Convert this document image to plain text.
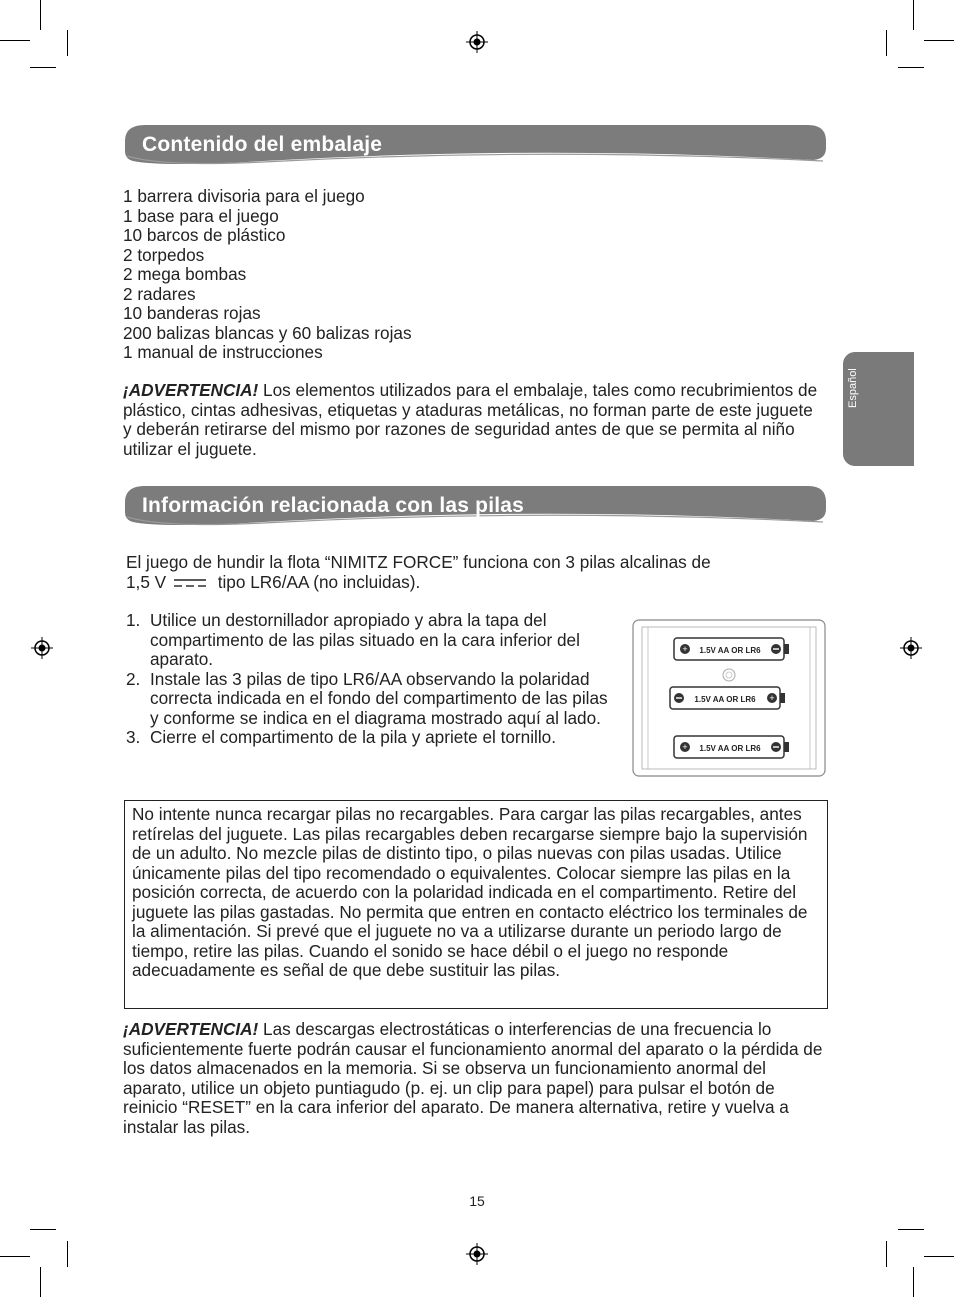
Español
Contenido del embalaje
1 barrera divisoria para el juego
1 base para el juego
10 barcos de plástico
2 torpedos
2 mega bombas
2 radares
10 banderas rojas
200 balizas blancas y 60 balizas rojas
1 manual de instrucciones
¡ADVERTENCIA! Los elementos utilizados para el embalaje, tales como recubrimientos de plástico, cintas adhesivas, etiquetas y ataduras metálicas, no forman parte de este juguete y deberán retirarse del mismo por razones de seguridad antes de que se permita al niño utilizar el juguete.
Información relacionada con las pilas
El juego de hundir la flota “NIMITZ FORCE” funciona con 3 pilas alcalinas de
1,5 V	tipo LR6/AA (no incluidas).
1. Utilice un destornillador apropiado y abra la tapa del compartimento de las pilas situado en la cara inferior del aparato.
2. Instale las 3 pilas de tipo LR6/AA observando la polaridad correcta indicada en el fondo del compartimento de las pilas y conforme se indica en el diagrama mostrado aquí al lado.
3. Cierre el compartimento de la pila y apriete el tornillo.
+ 1.5V AA OR LR6
+
1.5V AA OR LR6
+ 1.5V AA OR LR6
No intente nunca recargar pilas no recargables. Para cargar las pilas recargables, antes retírelas del juguete. Las pilas recargables deben recargarse siempre bajo la supervisión de un adulto. No mezcle pilas de distinto tipo, o pilas nuevas con pilas usadas. Utilice únicamente pilas del tipo recomendado o equivalentes. Colocar siempre las pilas en la posición correcta, de acuerdo con la polaridad indicada en el compartimento. Retire del juguete las pilas gastadas. No permita que entren en contacto eléctrico los terminales de la alimentación. Si prevé que el juguete no va a utilizarse durante un periodo largo de tiempo, retire las pilas. Cuando el sonido se hace débil o el juego no responde adecuadamente es señal de que debe sustituir las pilas.
¡ADVERTENCIA! Las descargas electrostáticas o interferencias de una frecuencia lo suficientemente fuerte podrán causar el funcionamiento anormal del aparato o la pérdida de los datos almacenados en la memoria. Si se observa un funcionamiento anormal del aparato, utilice un objeto puntiagudo (p. ej. un clip para papel) para pulsar el botón de reinicio “RESET” en la cara inferior del aparato. De manera alternativa, retire y vuelva a instalar las pilas.
15
